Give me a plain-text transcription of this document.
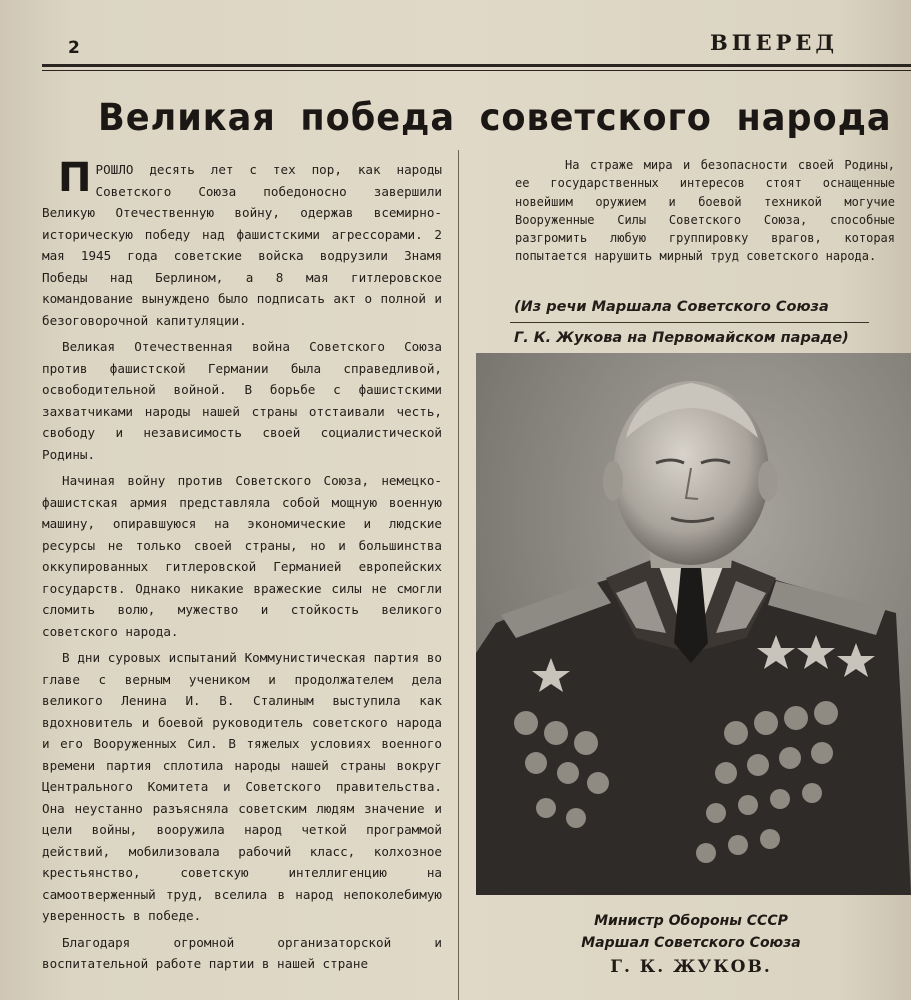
2	ВПЕРЕД
Великая победа советского народа

ПРОШЛО десять лет с тех пор, как народы Советского Союза победоносно завершили Великую Отечественную войну, одержав всемирно-историческую победу над фашистскими агрессорами. 2 мая 1945 года советские войска водрузили Знамя Победы над Берлином, а 8 мая гитлеровское командование вынуждено было подписать акт о полной и безоговорочной капитуляции.

Великая Отечественная война Советского Союза против фашистской Германии была справедливой, освободительной войной. В борьбе с фашистскими захватчиками народы нашей страны отстаивали честь, свободу и независимость своей социалистической Родины.

Начиная войну против Советского Союза, немецко-фашистская армия представляла собой мощную военную машину, опиравшуюся на экономические и людские ресурсы не только своей страны, но и большинства оккупированных гитлеровской Германией европейских государств. Однако никакие вражеские силы не смогли сломить волю, мужество и стойкость великого советского народа.

В дни суровых испытаний Коммунистическая партия во главе с верным учеником и продолжателем дела великого Ленина И. В. Сталиным выступила как вдохновитель и боевой руководитель советского народа и его Вооруженных Сил. В тяжелых условиях военного времени партия сплотила народы нашей страны вокруг Центрального Комитета и Советского правительства. Она неустанно разъясняла советским людям значение и цели войны, вооружила народ четкой программой действий, мобилизовала рабочий класс, колхозное крестьянство, советскую интеллигенцию на самоотверженный труд, вселила в народ непоколебимую уверенность в победе.

Благодаря огромной организаторской и воспитательной работе партии в нашей стране

На страже мира и безопасности своей Родины, ее государственных интересов стоят оснащенные новейшим оружием и боевой техникой могучие Вооруженные Силы Советского Союза, способные разгромить любую группировку врагов, которая попытается нарушить мирный труд советского народа.

(Из речи Маршала Советского Союза
Г. К. Жукова на Первомайском параде)
Министр Обороны СССР
Маршал Советского Союза
Г. К. ЖУКОВ.
